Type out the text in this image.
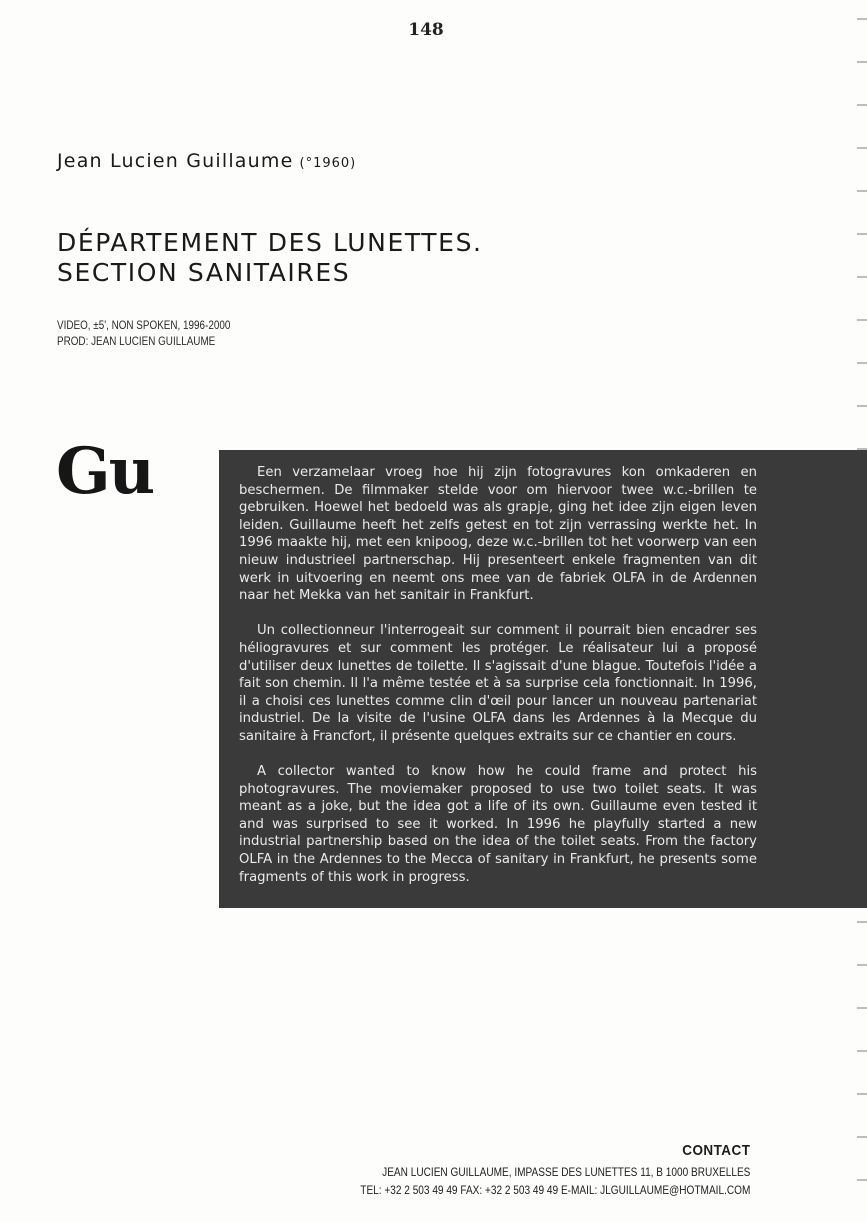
148
Jean Lucien Guillaume (°1960)
DÉPARTEMENT DES LUNETTES.
SECTION SANITAIRES
VIDEO, ±5', NON SPOKEN, 1996-2000
PROD: JEAN LUCIEN GUILLAUME
Gu	Een verzamelaar vroeg hoe hij zijn fotogravures kon omkaderen en beschermen. De filmmaker stelde voor om hiervoor twee w.c.-brillen te gebruiken. Hoewel het bedoeld was als grapje, ging het idee zijn eigen leven leiden. Guillaume heeft het zelfs getest en tot zijn verrassing werkte het. In 1996 maakte hij, met een knipoog, deze w.c.-brillen tot het voorwerp van een nieuw industrieel partnerschap. Hij presenteert enkele fragmenten van dit werk in uitvoering en neemt ons mee van de fabriek OLFA in de Ardennen naar het Mekka van het sanitair in Frankfurt.

Un collectionneur l'interrogeait sur comment il pourrait bien encadrer ses héliogravures et sur comment les protéger. Le réalisateur lui a proposé d'utiliser deux lunettes de toilette. Il s'agissait d'une blague. Toutefois l'idée a fait son chemin. Il l'a même testée et à sa surprise cela fonctionnait. In 1996, il a choisi ces lunettes comme clin d'œil pour lancer un nouveau partenariat industriel. De la visite de l'usine OLFA dans les Ardennes à la Mecque du sanitaire à Francfort, il présente quelques extraits sur ce chantier en cours.

A collector wanted to know how he could frame and protect his photogravures. The moviemaker proposed to use two toilet seats. It was meant as a joke, but the idea got a life of its own. Guillaume even tested it and was surprised to see it worked. In 1996 he playfully started a new industrial partnership based on the idea of the toilet seats. From the factory OLFA in the Ardennes to the Mecca of sanitary in Frankfurt, he presents some fragments of this work in progress.

CONTACT
JEAN LUCIEN GUILLAUME, IMPASSE DES LUNETTES 11, B 1000 BRUXELLES
TEL: +32 2 503 49 49 FAX: +32 2 503 49 49 E-MAIL: JLGUILLAUME@HOTMAIL.COM
